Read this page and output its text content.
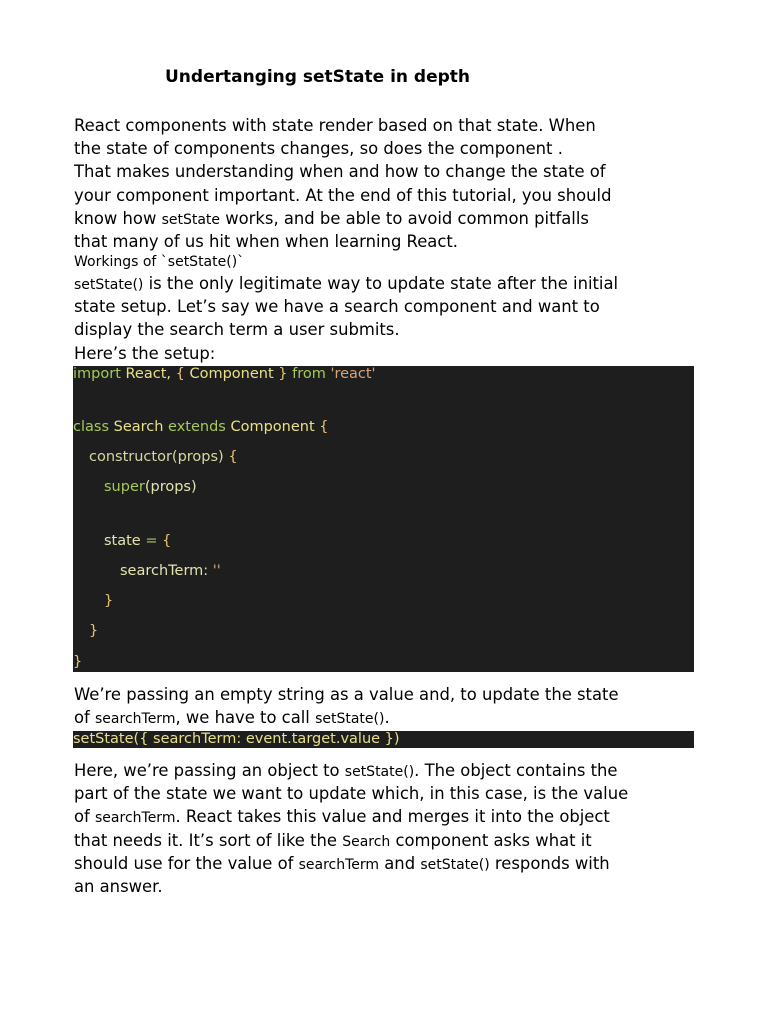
Undertanging setState in depth
React components with state render based on that state. When
the state of components changes, so does the component .
That makes understanding when and how to change the state of
your component important. At the end of this tutorial, you should
know how setState works, and be able to avoid common pitfalls
that many of us hit when when learning React.
Workings of `setState()`
setState() is the only legitimate way to update state after the initial
state setup. Let’s say we have a search component and want to
display the search term a user submits.
Here’s the setup:
import React, { Component } from 'react'
class Search extends Component {
constructor(props) {
super(props)
state = {
searchTerm: ''
}
}
}
We’re passing an empty string as a value and, to update the state
of searchTerm, we have to call setState().
setState({ searchTerm: event.target.value })
Here, we’re passing an object to setState(). The object contains the
part of the state we want to update which, in this case, is the value
of searchTerm. React takes this value and merges it into the object
that needs it. It’s sort of like the Search component asks what it
should use for the value of searchTerm and setState() responds with
an answer.
